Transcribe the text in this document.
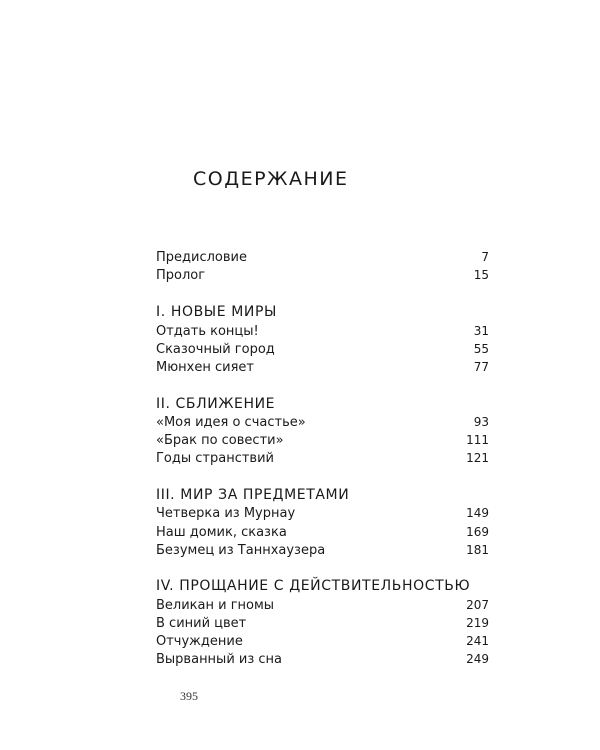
СОДЕРЖАНИЕ
Предисловие	7
Пролог	15
I. НОВЫЕ МИРЫ
Отдать концы!	31
Сказочный город	55
Мюнхен сияет	77
II. СБЛИЖЕНИЕ
«Моя идея о счастье»	93
«Брак по совести»	111
Годы странствий	121
III. МИР ЗА ПРЕДМЕТАМИ
Четверка из Мурнау	149
Наш домик, сказка	169
Безумец из Таннхаузера	181
IV. ПРОЩАНИЕ С ДЕЙСТВИТЕЛЬНОСТЬЮ
Великан и гномы	207
В синий цвет	219
Отчуждение	241
Вырванный из сна	249
395
